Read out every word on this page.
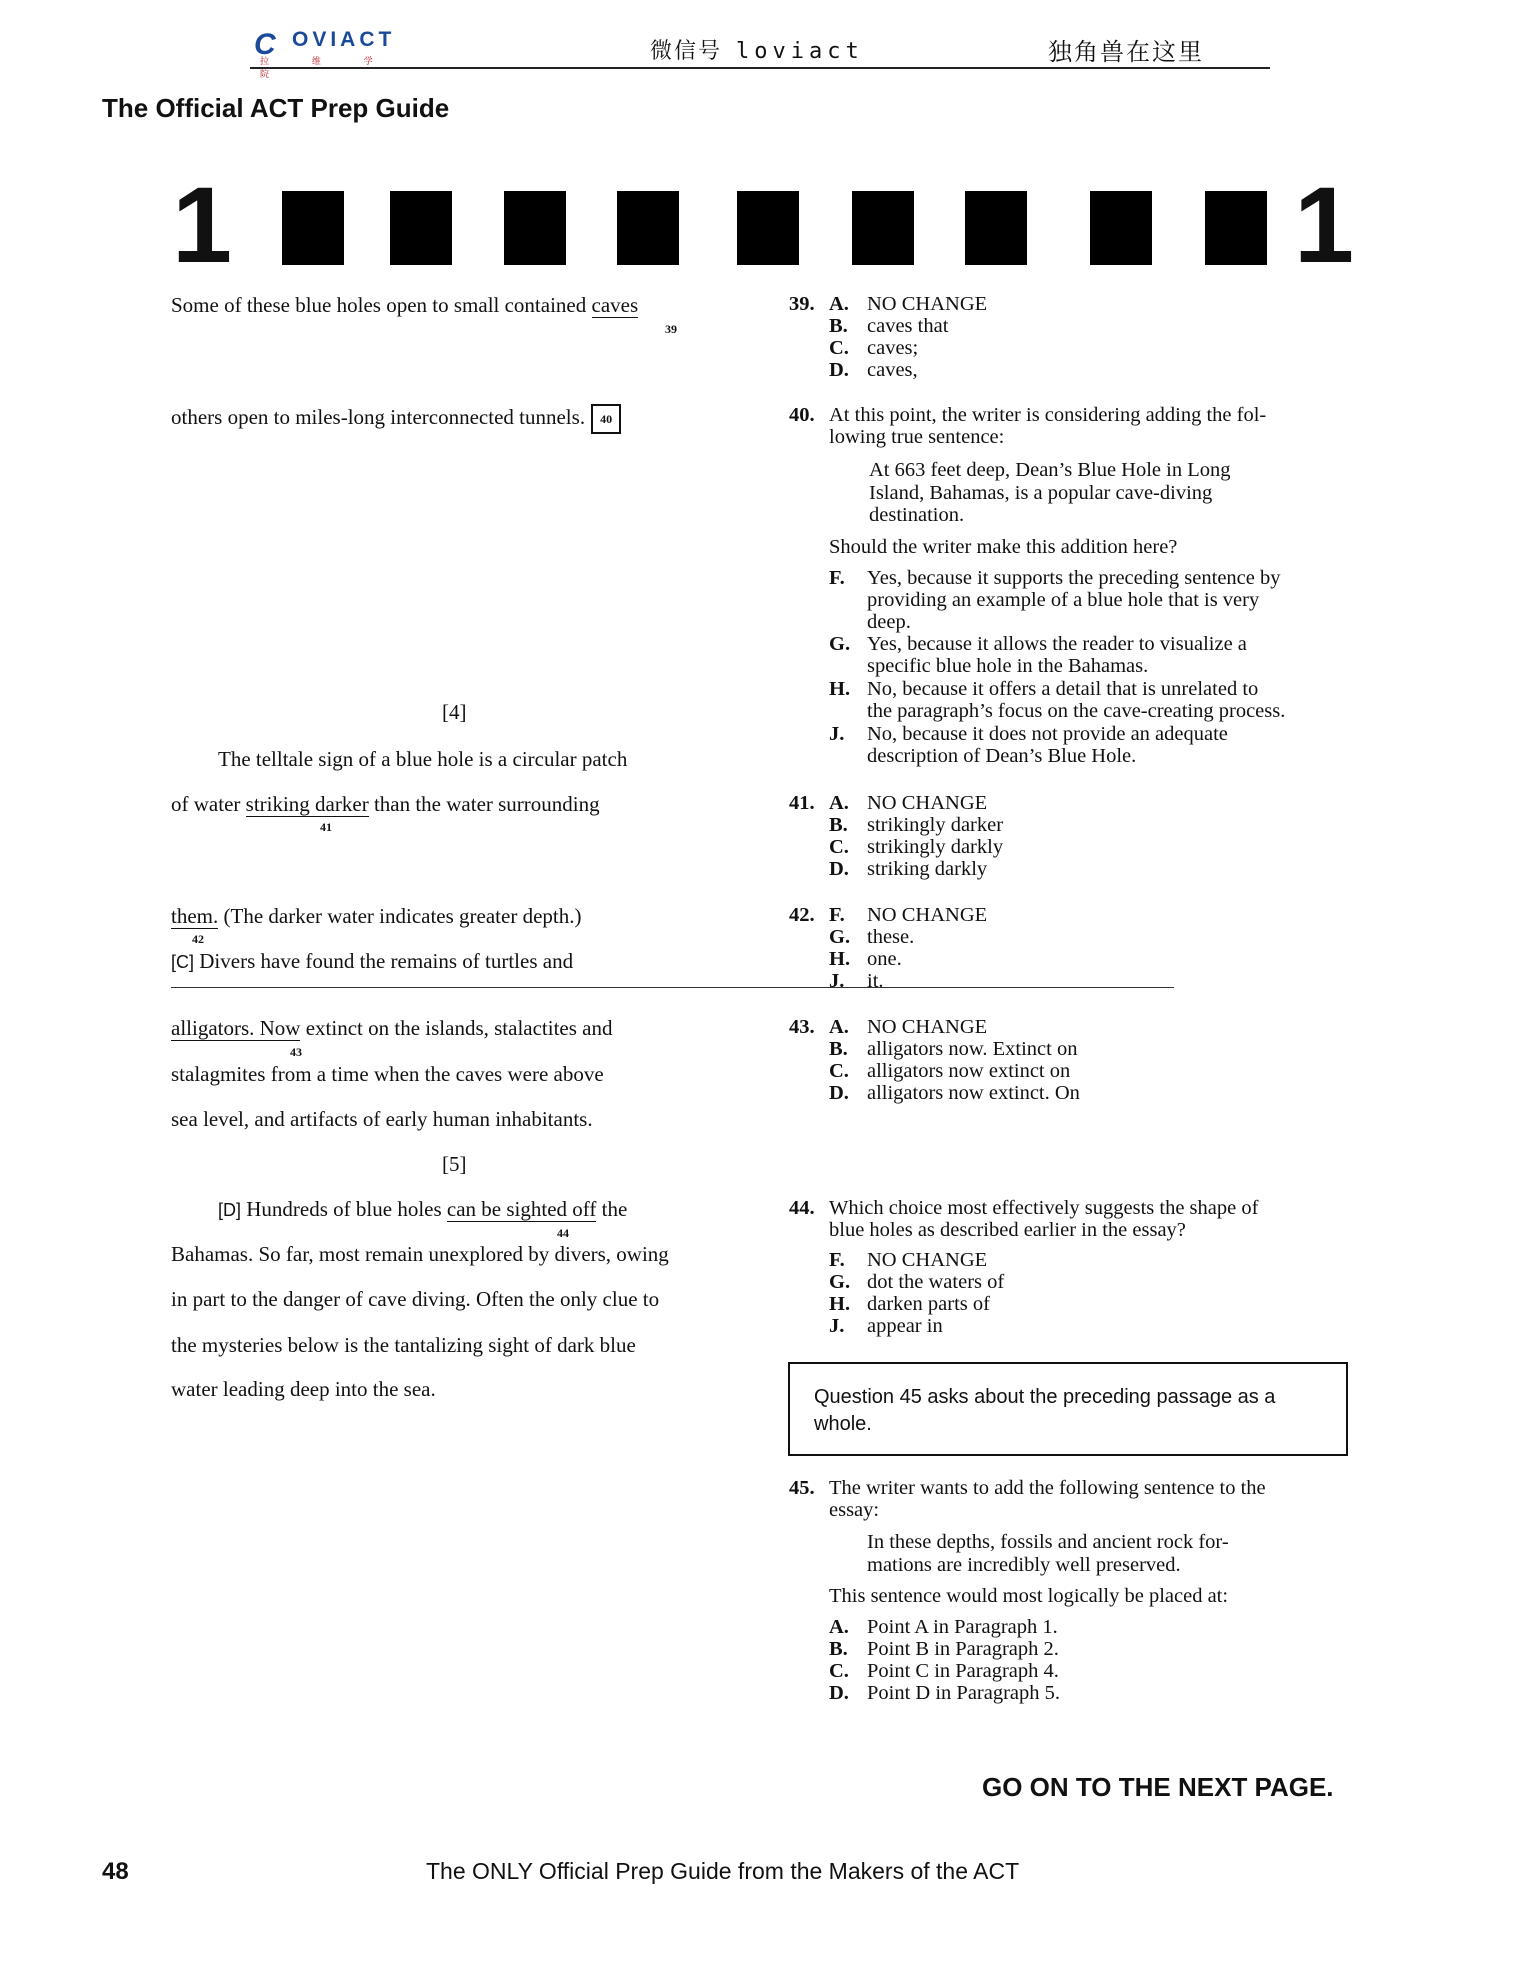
C OVIACT
拉 维 学 院
微信号 loviact	独角兽在这里
The Official ACT Prep Guide
1	1
Some of these blue holes open to small contained caves
39
others open to miles-long interconnected tunnels. 40
[4]
The telltale sign of a blue hole is a circular patch
of water striking darker than the water surrounding
41
them. (The darker water indicates greater depth.)
42
[C] Divers have found the remains of turtles and
alligators. Now extinct on the islands, stalactites and
43
stalagmites from a time when the caves were above
sea level, and artifacts of early human inhabitants.
[5]
[D] Hundreds of blue holes can be sighted off the
44
Bahamas. So far, most remain unexplored by divers, owing
in part to the danger of cave diving. Often the only clue to
the mysteries below is the tantalizing sight of dark blue
water leading deep into the sea.
39. A. NO CHANGE
B. caves that
C. caves;
D. caves,
40. At this point, the writer is considering adding the fol-
lowing true sentence:
At 663 feet deep, Dean’s Blue Hole in Long
Island, Bahamas, is a popular cave-diving
destination.
Should the writer make this addition here?
F. Yes, because it supports the preceding sentence by
providing an example of a blue hole that is very
deep.
G. Yes, because it allows the reader to visualize a
specific blue hole in the Bahamas.
H. No, because it offers a detail that is unrelated to
the paragraph’s focus on the cave-creating process.
J. No, because it does not provide an adequate
description of Dean’s Blue Hole.
41. A. NO CHANGE
B. strikingly darker
C. strikingly darkly
D. striking darkly
42. F. NO CHANGE
G. these.
H. one.
J. it.
43. A. NO CHANGE
B. alligators now. Extinct on
C. alligators now extinct on
D. alligators now extinct. On
44. Which choice most effectively suggests the shape of
blue holes as described earlier in the essay?
F. NO CHANGE
G. dot the waters of
H. darken parts of
J. appear in
Question 45 asks about the preceding passage as a whole.
45. The writer wants to add the following sentence to the
essay:
In these depths, fossils and ancient rock for-
mations are incredibly well preserved.
This sentence would most logically be placed at:
A. Point A in Paragraph 1.
B. Point B in Paragraph 2.
C. Point C in Paragraph 4.
D. Point D in Paragraph 5.
GO ON TO THE NEXT PAGE.
48	The ONLY Official Prep Guide from the Makers of the ACT
